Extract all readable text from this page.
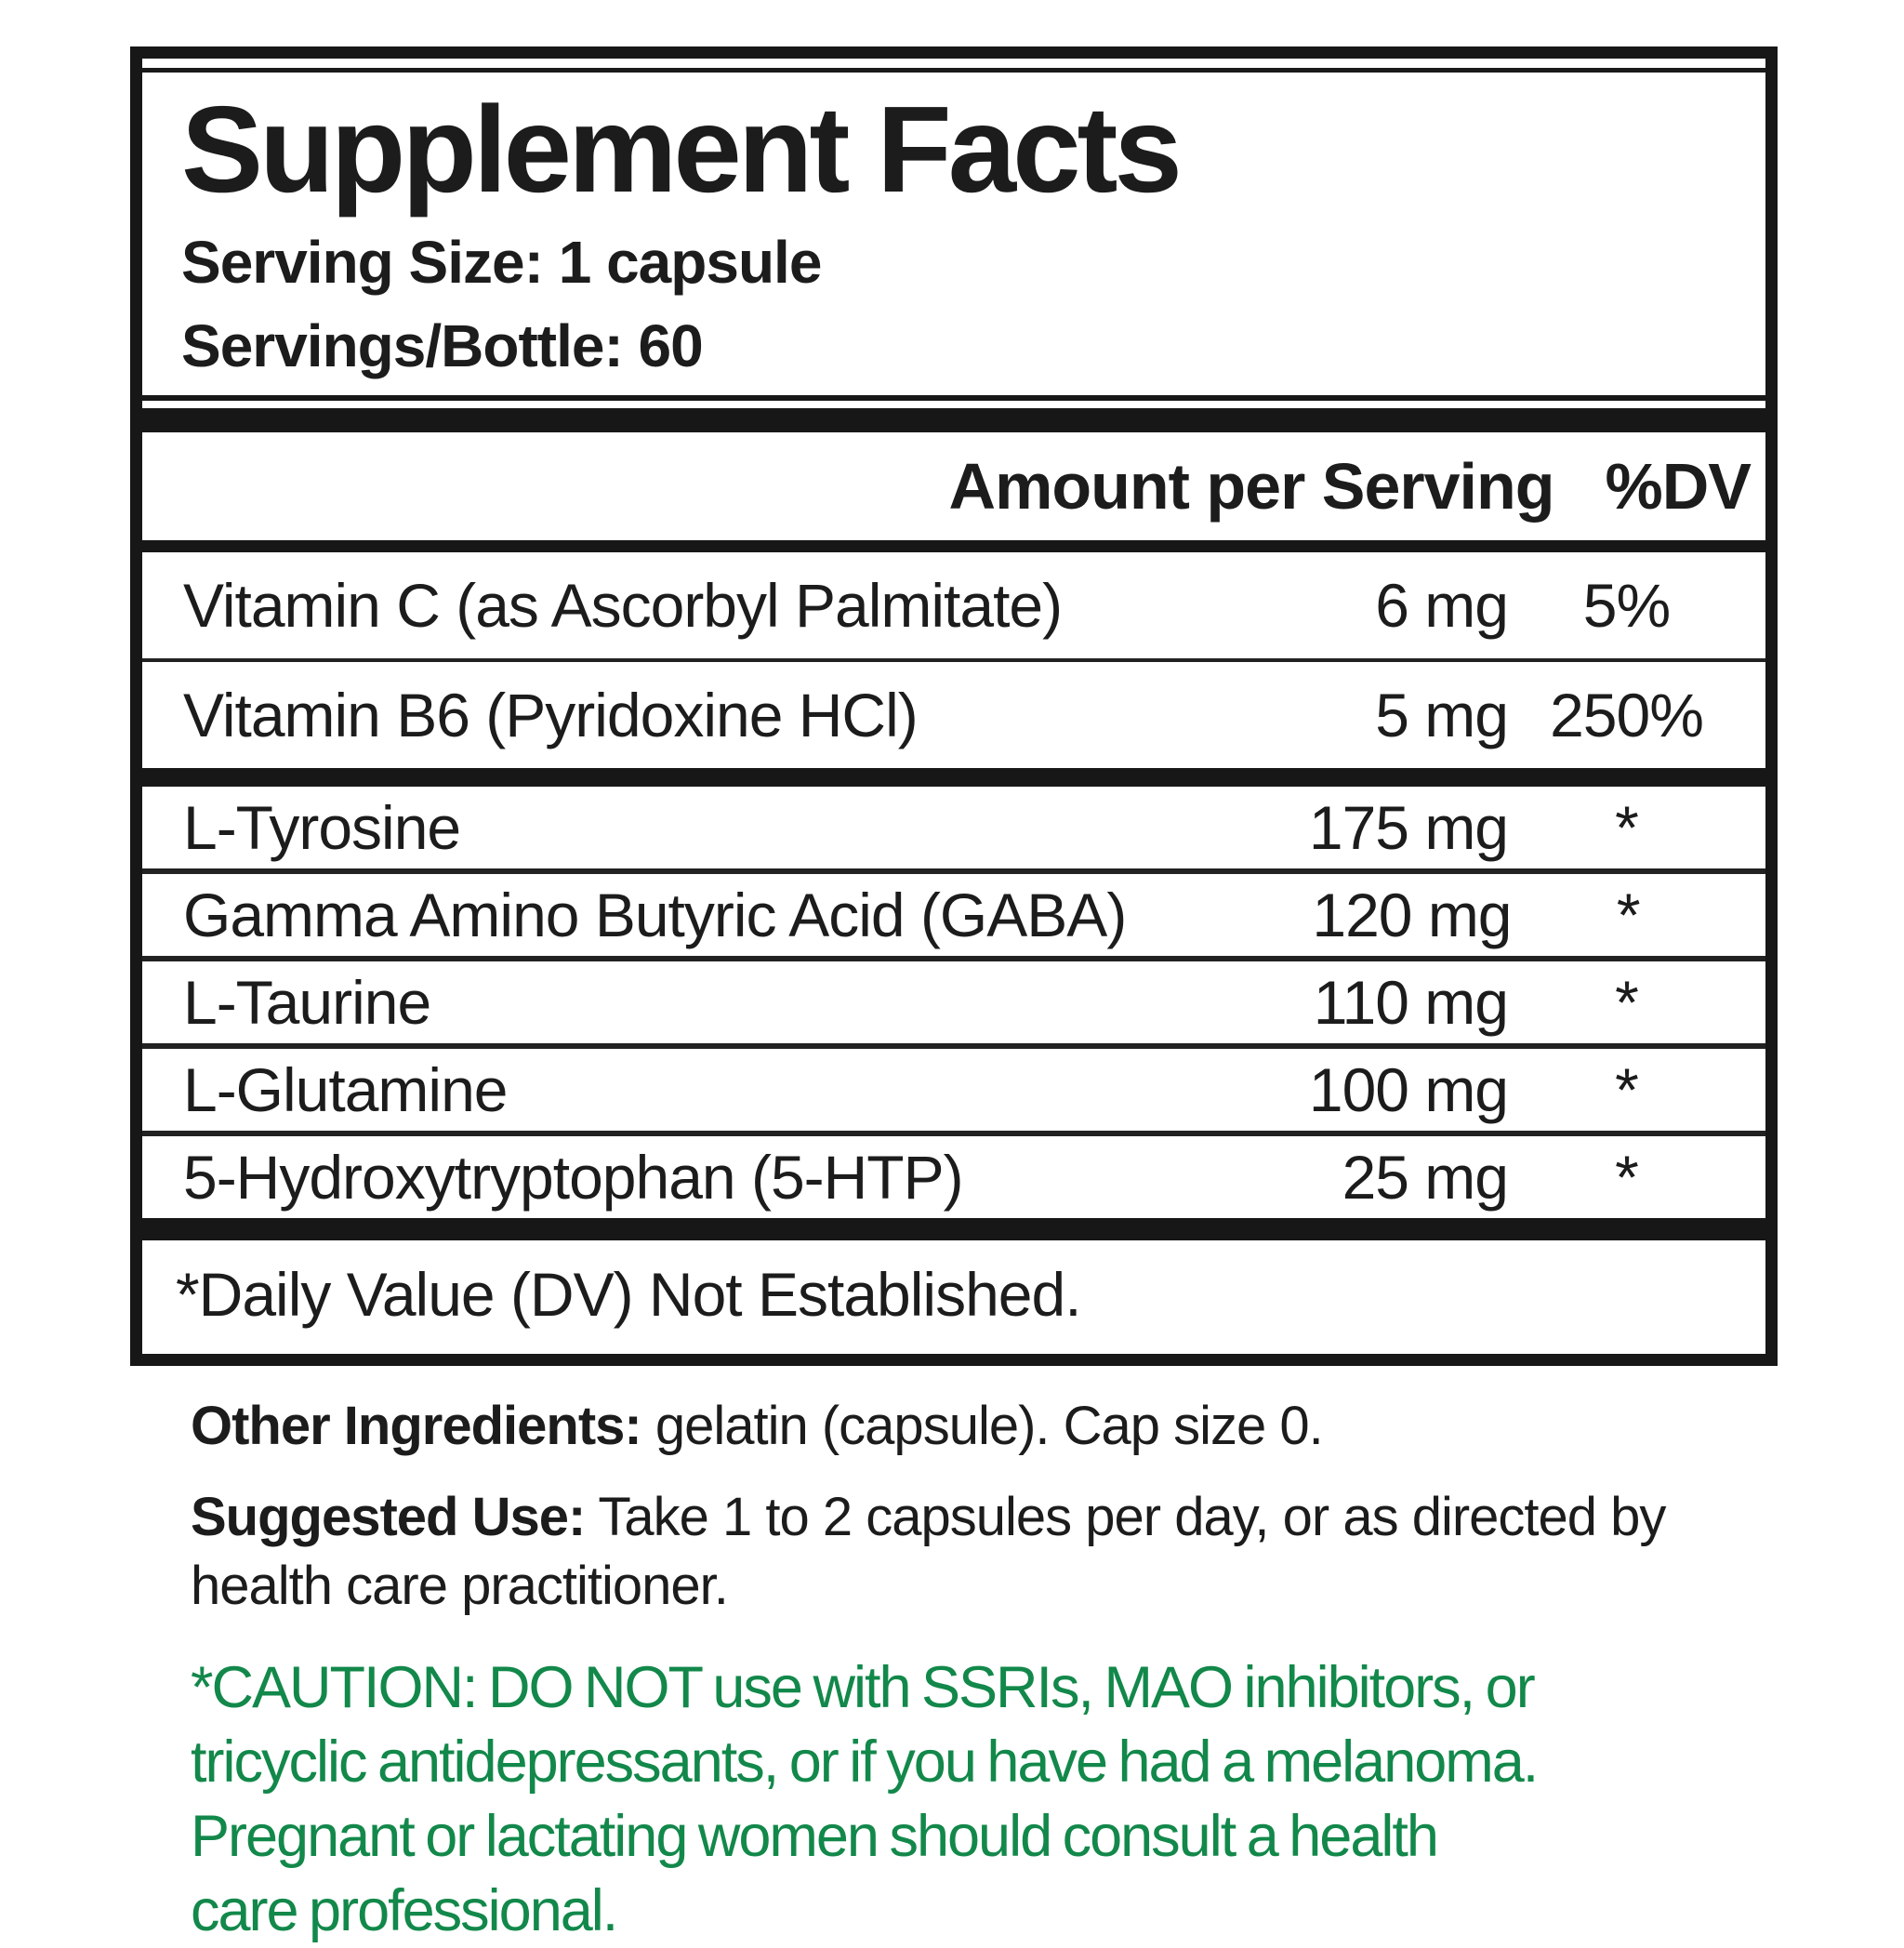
Supplement Facts
Serving Size: 1 capsule
Servings/Bottle: 60
Amount per Serving %DV
Vitamin C (as Ascorbyl Palmitate)	6 mg	5%
Vitamin B6 (Pyridoxine HCl)	5 mg 250%
L-Tyrosine	175 mg	*
Gamma Amino Butyric Acid (GABA)	120 mg	*
L-Taurine	110 mg	*
L-Glutamine	100 mg	*
5-Hydroxytryptophan (5-HTP)	25 mg	*
*Daily Value (DV) Not Established.
Other Ingredients: gelatin (capsule). Cap size 0.
Suggested Use: Take 1 to 2 capsules per day, or as directed by
health care practitioner.
*CAUTION: DO NOT use with SSRIs, MAO inhibitors, or
tricyclic antidepressants, or if you have had a melanoma.
Pregnant or lactating women should consult a health
care professional.
